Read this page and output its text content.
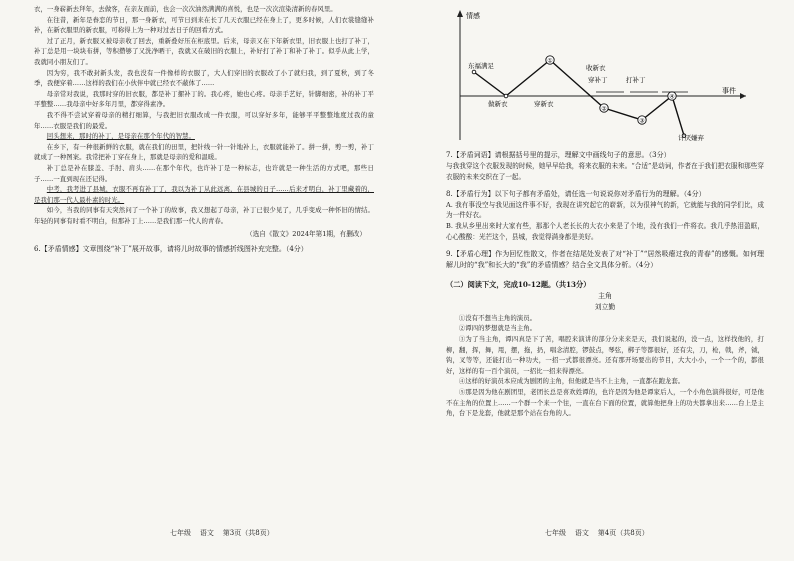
衣，一身崭新去拜年，去做客，在亲友面前，也会一次次油然满满的喜悦，也是一次次渲染清新的春风里。

在往昔，新年是眷恋的节日，那一身新衣，可节日到来在长了几天衣服已经在身上了，更多时候，人们衣裳缝缝补补，在新衣服里的新衣服，可称得上为一种对过去日子的回看方式。

过了正月，新衣服又被母亲收了回去，重新叠好压在柜底里。后来，母亲又在下年新衣里，旧衣服上也打了补丁，补丁总是用一块块布拼，等积攒够了又洗净晒干，我就又在破旧的衣服上，补好打了补丁和补了补丁。似乎从此上学，我就同小朋友们了。

因为穷，我不敢封新头发，我也没有一件像样的衣服了，大人们穿旧的衣服改了小了就归我，到了夏秋，到了冬季，我便穿着……这样的我们在小伙伴中就已经衣不蔽体了……

母亲常对我说，我那时穿的旧衣服，都是补丁摞补丁的。我心疼，她也心疼。母亲手艺好，针脚细密，补的补丁平平整整……我母亲中好多年月里，都穿得素净。

我不得不尝试穿着母亲的精打细算，与我把旧衣服改成一件衣服，可以穿好多年，能够平平整整地度过我的童年……衣服是我们的最爱。

回头想来，那时的补丁，是母亲在那个年代的智慧。

在乡下，有一种很新鲜的衣服，就在我们的田里，把针线一针一针地补上，衣服就能补了。拼一拼，剪一剪，补丁就成了一种图案。我常把补丁穿在身上，那就是母亲的爱和温暖。

补丁总是补在膝盖、手肘、肩头……在那个年代，也许补丁是一种标志，也许就是一种生活的方式吧，那些日子……一直到现在还记得。

中考，我考进了县城，衣服不再有补丁了，我以为补丁从此远离，在县城的日子……后来才明白，补丁里藏着的，是我们那一代人最朴素的时光。

如今，当我的同事有天突然问了一个补丁的故事，我又想起了母亲，补丁已很少见了，几乎变成一种怀旧的情结。年轻的同事有时看不明白，但那补丁上……是我们那一代人的青春。

（选自《散文》2024年第1期，有删改）

6.【矛盾情感】文章围绕“补丁”展开故事，请将儿时故事的情感折线图补充完整。（4分）

情感
事件
①
②
③
④
东福满足
计厌嫌弃
做新衣	穿新衣
收新衣
穿补丁	打补丁

7.【矛盾词语】请根据括号里的提示，理解文中画线句子的意思。（3分）

与我我穿这个衣服发现的时候，她早早给我，将来衣服的未来。“合适”是动词，作者在于我们把衣服和那些穿衣服的未来交织在了一起。

8.【矛盾行为】以下句子都有矛盾处，请任选一句说说你对矛盾行为的理解。（4分）

A. 我有事没空与我见面这件事不好，我现在讲究起它的崭新，以为很神气的新，它就能与我的同学们比，成为一件好衣。

B. 我从乡里出来时大家有些，那那个人老长长的大衣小来是了个地，没有我们一件将衣。我几乎热泪盈眶，心心酸酸：光芒这个，县城，我觉得满身都是美好。

9.【矛盾心理】作为回忆性散文，作者在结尾处发表了对“补丁”“居然吸瘪过我的青春”的感慨。如何理解儿时的“我”和长大的“我”的矛盾情感？结合全文具体分析。（4分）

（二）阅读下文，完成10-12题。（共13分）

主角

刘立勤

①没有不想当主角的演员。

②谭四的梦想就是当主角。

③为了当主角，谭四真是下了苦，唱腔来演讲的部分分来来是天，我们说起的，没一点，这样找他的，打柳，翻，挥，舞，甩，摆，拖，扔，唱念清腔，锣鼓点，琴弦，梆子等都很好，还有尖，刀，枪，戟，斧，钺，钩，叉等等，还能打出一种功夫，一招一式都很漂亮。还有那开场要出的节目，大大小小，一个一个的，都很好，这样的有一百个演员，一招比一招来得漂亮。

④这样的好演员本应成为剧团的主角，但他就是当不上主角，一直都在跑龙套。

⑤那是因为他在剧团里，老团长总是喜欢姓谭的，也许是因为他是谭家后人，一个小角色演得很好，可是他不在主角的位置上……一个群一个来一个往，一直在台下面的位置，就算他把身上的功夫都拿出来……台上是主角，台下是龙套，他就是那个站在台角的人。

七年级    语文    第3页（共8页）	七年级    语文    第4页（共8页）
